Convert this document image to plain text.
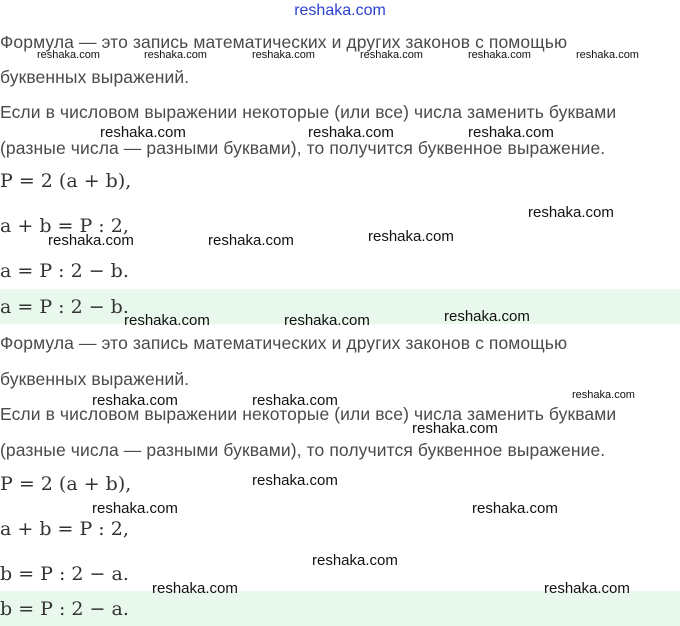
reshaka.com
Формула — это запись математических и других законов с помощью
буквенных выражений.
Если в числовом выражении некоторые (или все) числа заменить буквами
(разные числа — разными буквами), то получится буквенное выражение.
P = 2 (a + b),
a + b = P : 2,
a = P : 2 − b.
a = P : 2 − b.
Формула — это запись математических и других законов с помощью
буквенных выражений.
Если в числовом выражении некоторые (или все) числа заменить буквами
(разные числа — разными буквами), то получится буквенное выражение.
P = 2 (a + b),
a + b = P : 2,
b = P : 2 − a.
b = P : 2 − a.
reshaka.com	reshaka.com	reshaka.com	reshaka.com	reshaka.com	reshaka.com
reshaka.com	reshaka.com	reshaka.com
reshaka.com
reshaka.com	reshaka.com	reshaka.com
reshaka.com	reshaka.com	reshaka.com
reshaka.com
reshaka.com	reshaka.com
reshaka.com
reshaka.com
reshaka.com	reshaka.com
reshaka.com
reshaka.com	reshaka.com
